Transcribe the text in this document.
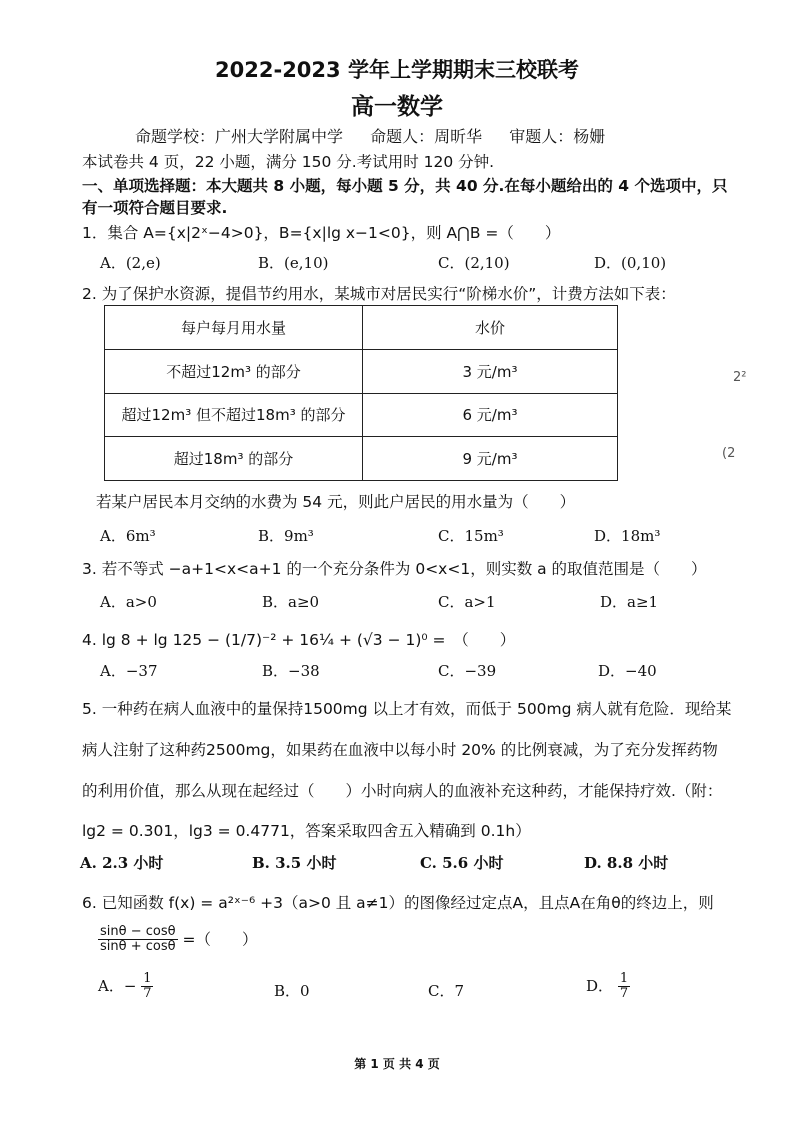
2022-2023 学年上学期期末三校联考
高一数学
命题学校：广州大学附属中学 命题人：周昕华 审题人：杨姗
本试卷共 4 页，22 小题，满分 150 分.考试用时 120 分钟.
一、单项选择题：本大题共 8 小题，每小题 5 分，共 40 分.在每小题给出的 4 个选项中，只
有一项符合题目要求.
1．集合 A={x|2ˣ−4>0}，B={x|lg x−1<0}，则 A⋂B =（　　）
A．(2,e)	B．(e,10)	C．(2,10)	D．(0,10)
2. 为了保护水资源，提倡节约用水，某城市对居民实行“阶梯水价”，计费方法如下表：
每户每月用水量	水价
不超过12m³ 的部分	3 元/m³
超过12m³ 但不超过18m³ 的部分	6 元/m³
超过18m³ 的部分	9 元/m³
2²
(2
若某户居民本月交纳的水费为 54 元，则此户居民的用水量为（　　）
A．6m³	B．9m³	C．15m³	D．18m³
3. 若不等式 −a+1<x<a+1 的一个充分条件为 0<x<1，则实数 a 的取值范围是（　　）
A．a>0	B．a≥0	C．a>1	D．a≥1
4. lg 8 + lg 125 − (1/7)⁻² + 16¼ + (√3 − 1)⁰ =　（　　）
A．−37	B．−38	C．−39	D．−40
5. 一种药在病人血液中的量保持1500mg 以上才有效，而低于 500mg 病人就有危险．现给某
病人注射了这种药2500mg，如果药在血液中以每小时 20% 的比例衰减，为了充分发挥药物
的利用价值，那么从现在起经过（　　）小时向病人的血液补充这种药，才能保持疗效.（附：
lg2 = 0.301，lg3 = 0.4771，答案采取四舍五入精确到 0.1h）
A. 2.3 小时	B. 3.5 小时	C. 5.6 小时	D. 8.8 小时
6. 已知函数 f(x) = a²ˣ⁻⁶ +3（a>0 且 a≠1）的图像经过定点A，且点A在角θ的终边上，则
$\frac{\sin\theta - \cos\theta}{\sin\theta + \cos\theta}$ =（　　）
A．− $\frac{1}{7}$	B．0	C．7	D． $\frac{1}{7}$
第 1 页 共 4 页
